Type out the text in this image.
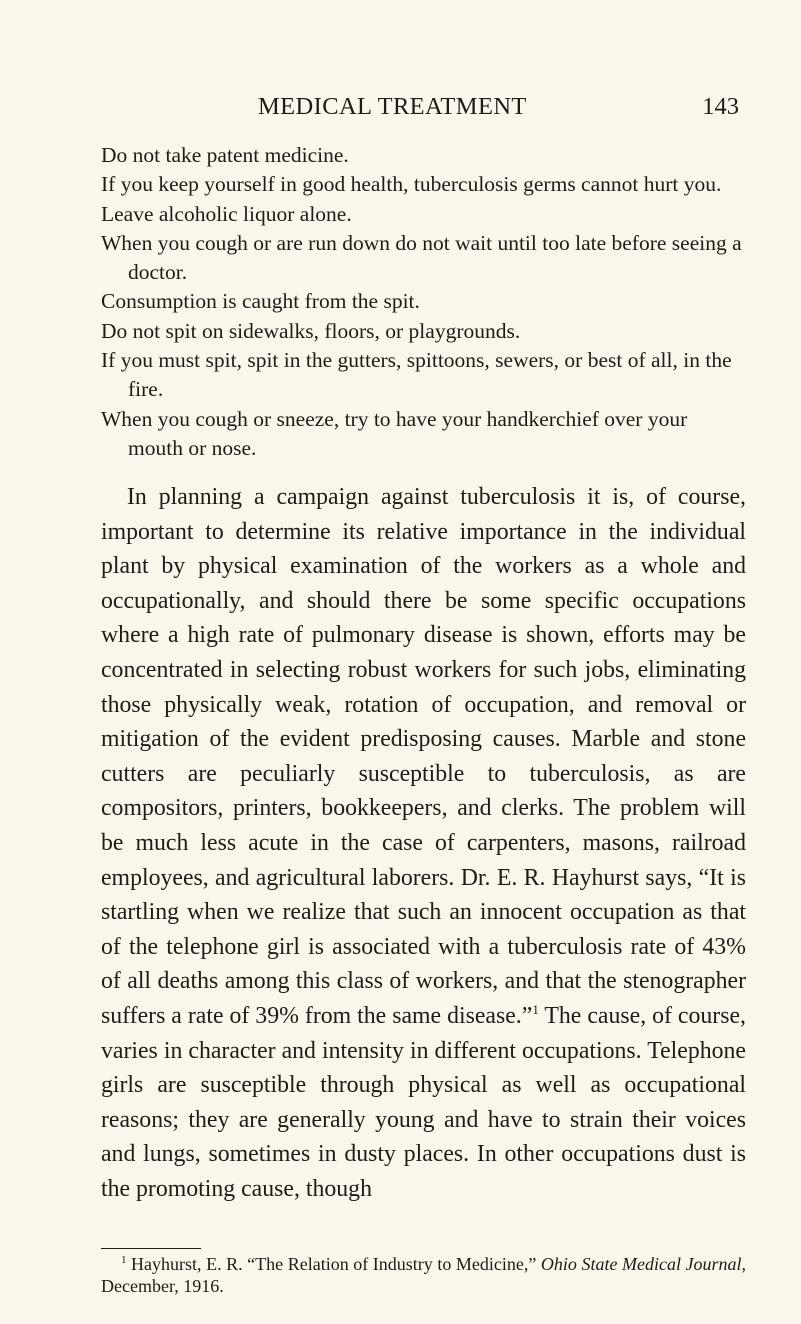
MEDICAL TREATMENT	143

Do not take patent medicine.

If you keep yourself in good health, tuberculosis germs cannot hurt you.

Leave alcoholic liquor alone.

When you cough or are run down do not wait until too late before seeing a doctor.

Consumption is caught from the spit.

Do not spit on sidewalks, floors, or playgrounds.

If you must spit, spit in the gutters, spittoons, sewers, or best of all, in the fire.

When you cough or sneeze, try to have your handkerchief over your mouth or nose.

In planning a campaign against tuberculosis it is, of course, important to determine its relative importance in the individual plant by physical examination of the workers as a whole and occupationally, and should there be some specific occupations where a high rate of pulmonary disease is shown, efforts may be concentrated in selecting robust workers for such jobs, eliminating those physically weak, rotation of occupation, and removal or mitigation of the evident predisposing causes. Marble and stone cutters are peculiarly susceptible to tuberculosis, as are compositors, printers, bookkeepers, and clerks. The problem will be much less acute in the case of carpenters, masons, railroad employees, and agricultural laborers. Dr. E. R. Hayhurst says, “It is startling when we realize that such an innocent occupation as that of the telephone girl is associated with a tuberculosis rate of 43% of all deaths among this class of workers, and that the stenographer suffers a rate of 39% from the same disease.”$^1$ The cause, of course, varies in character and intensity in different occupations. Telephone girls are susceptible through physical as well as occupational reasons; they are generally young and have to strain their voices and lungs, sometimes in dusty places. In other occupations dust is the promoting cause, though

$^1$ Hayhurst, E. R. “The Relation of Industry to Medicine,” Ohio State Medical Journal, December, 1916.
